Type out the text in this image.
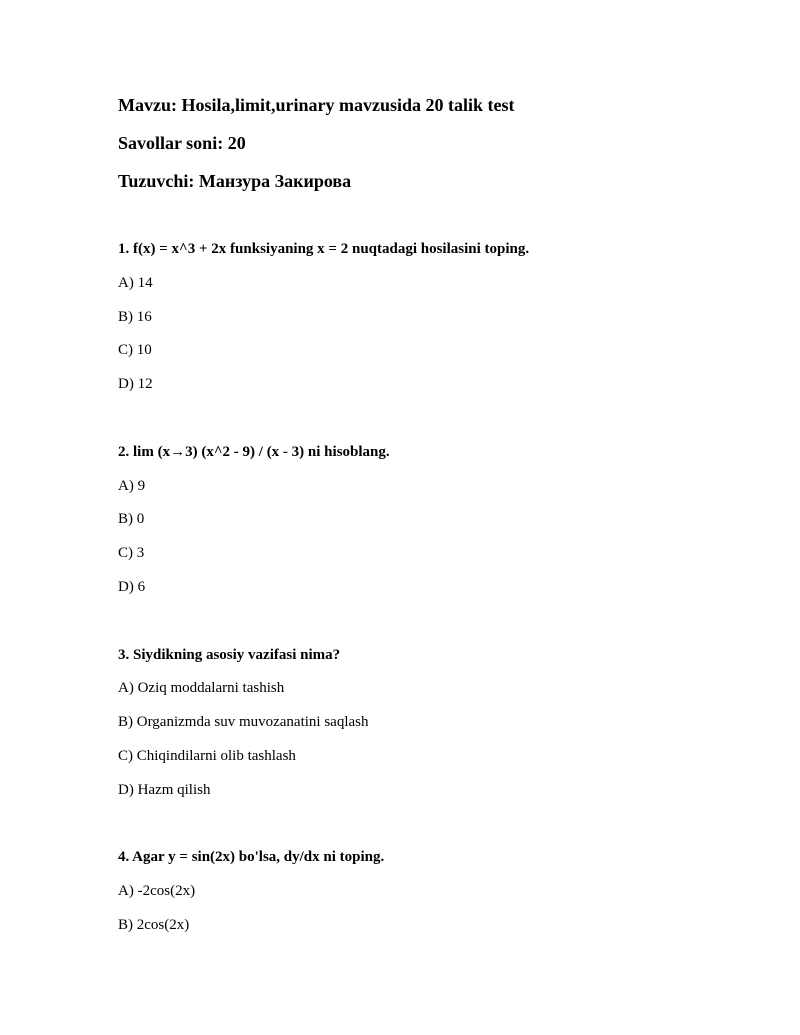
Mavzu: Hosila,limit,urinary mavzusida 20 talik test
Savollar soni: 20
Tuzuvchi: Манзура Закирова
1. f(x) = x^3 + 2x funksiyaning x = 2 nuqtadagi hosilasini toping.
A) 14
B) 16
C) 10
D) 12
2. lim (x→3) (x^2 - 9) / (x - 3) ni hisoblang.
A) 9
B) 0
C) 3
D) 6
3. Siydikning asosiy vazifasi nima?
A) Oziq moddalarni tashish
B) Organizmda suv muvozanatini saqlash
C) Chiqindilarni olib tashlash
D) Hazm qilish
4. Agar y = sin(2x) bo'lsa, dy/dx ni toping.
A) -2cos(2x)
B) 2cos(2x)
